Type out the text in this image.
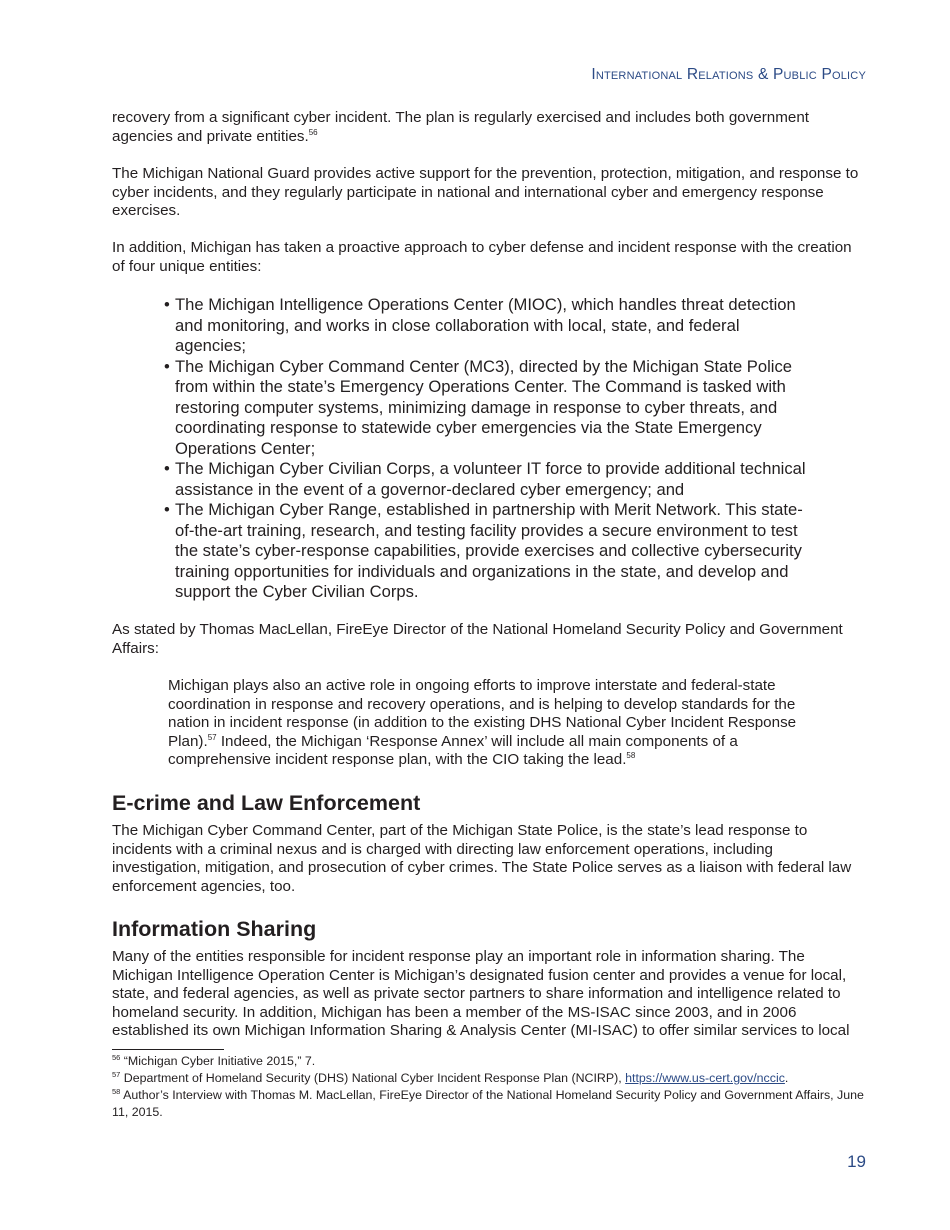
International Relations & Public Policy

recovery from a significant cyber incident. The plan is regularly exercised and includes both government agencies and private entities.$^{56}$

The Michigan National Guard provides active support for the prevention, protection, mitigation, and response to cyber incidents, and they regularly participate in national and international cyber and emergency response exercises.

In addition, Michigan has taken a proactive approach to cyber defense and incident response with the creation of four unique entities:

• The Michigan Intelligence Operations Center (MIOC), which handles threat detection and monitoring, and works in close collaboration with local, state, and federal agencies;
• The Michigan Cyber Command Center (MC3), directed by the Michigan State Police from within the state’s Emergency Operations Center. The Command is tasked with restoring computer systems, minimizing damage in response to cyber threats, and coordinating response to statewide cyber emergencies via the State Emergency Operations Center;
• The Michigan Cyber Civilian Corps, a volunteer IT force to provide additional technical assistance in the event of a governor-declared cyber emergency; and
• The Michigan Cyber Range, established in partnership with Merit Network. This state-of-the-art training, research, and testing facility provides a secure environment to test the state’s cyber-response capabilities, provide exercises and collective cybersecurity training opportunities for individuals and organizations in the state, and develop and support the Cyber Civilian Corps.

As stated by Thomas MacLellan, FireEye Director of the National Homeland Security Policy and Government Affairs:

Michigan plays also an active role in ongoing efforts to improve interstate and federal-state coordination in response and recovery operations, and is helping to develop standards for the nation in incident response (in addition to the existing DHS National Cyber Incident Response Plan).$^{57}$ Indeed, the Michigan ‘Response Annex’ will include all main components of a comprehensive incident response plan, with the CIO taking the lead.$^{58}$
E-crime and Law Enforcement

The Michigan Cyber Command Center, part of the Michigan State Police, is the state’s lead response to incidents with a criminal nexus and is charged with directing law enforcement operations, including investigation, mitigation, and prosecution of cyber crimes. The State Police serves as a liaison with federal law enforcement agencies, too.

Information Sharing

Many of the entities responsible for incident response play an important role in information sharing. The Michigan Intelligence Operation Center is Michigan’s designated fusion center and provides a venue for local, state, and federal agencies, as well as private sector partners to share information and intelligence related to homeland security. In addition, Michigan has been a member of the MS-ISAC since 2003, and in 2006 established its own Michigan Information Sharing & Analysis Center (MI-ISAC) to offer similar services to local

$^{56}$ “Michigan Cyber Initiative 2015,” 7.

$^{57}$ Department of Homeland Security (DHS) National Cyber Incident Response Plan (NCIRP), https://www.us-cert.gov/nccic.

$^{58}$ Author’s Interview with Thomas M. MacLellan, FireEye Director of the National Homeland Security Policy and Government Affairs, June 11, 2015.

19
